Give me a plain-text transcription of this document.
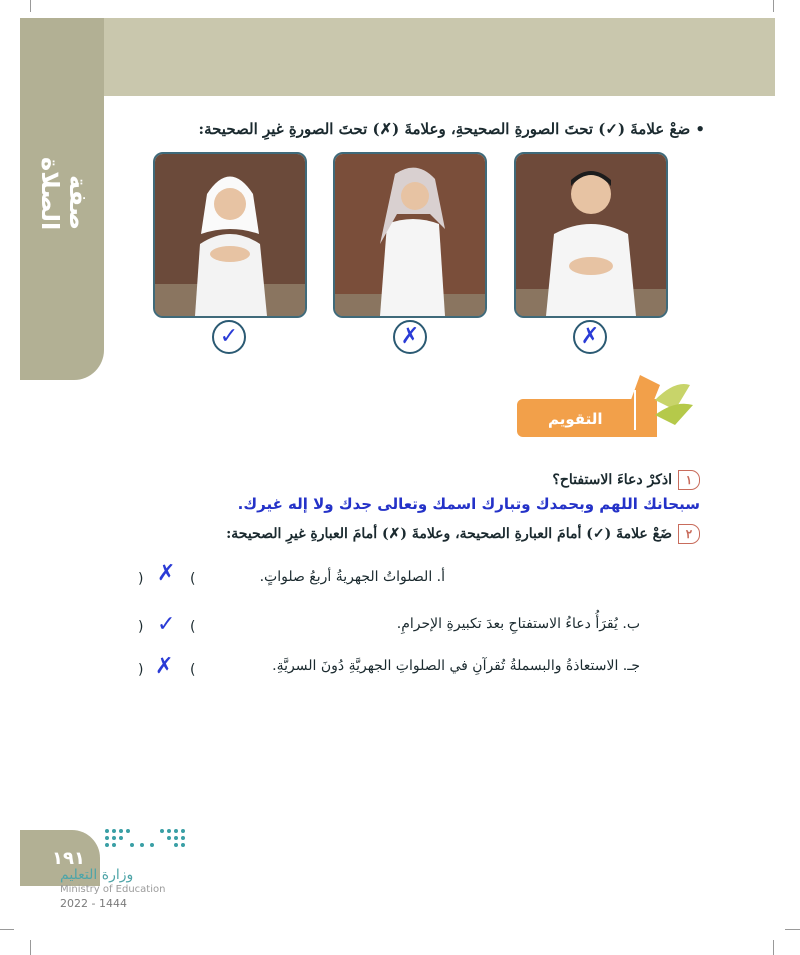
صفة الصلاة
• ضعْ علامةَ (✓) تحتَ الصورةِ الصحيحةِ، وعلامةَ (✗) تحتَ الصورةِ غيرِ الصحيحة:
✓	✗	✗
التقويم
١اذكرْ دعاءَ الاستفتاح؟
سبحانك اللهم وبحمدك وتبارك اسمك وتعالى جدك ولا إله غيرك.
٢ضَعْ علامةَ (✓) أمامَ العبارةِ الصحيحة، وعلامةَ (✗) أمامَ العبارةِ غيرِ الصحيحة:
أ. الصلواتُ الجهريةُ أربعُ صلواتٍ.
(
) ✗
ب. يُقرَأُ دعاءُ الاستفتاحِ بعدَ تكبيرةِ الإحرامِ.
(
) ✓
جـ. الاستعاذةُ والبسملةُ تُقرآنِ في الصلواتِ الجهريَّةِ دُونَ السريَّةِ.
(
) ✗
١٩١
وزارة التعليم
Ministry of Education
2022 - 1444
